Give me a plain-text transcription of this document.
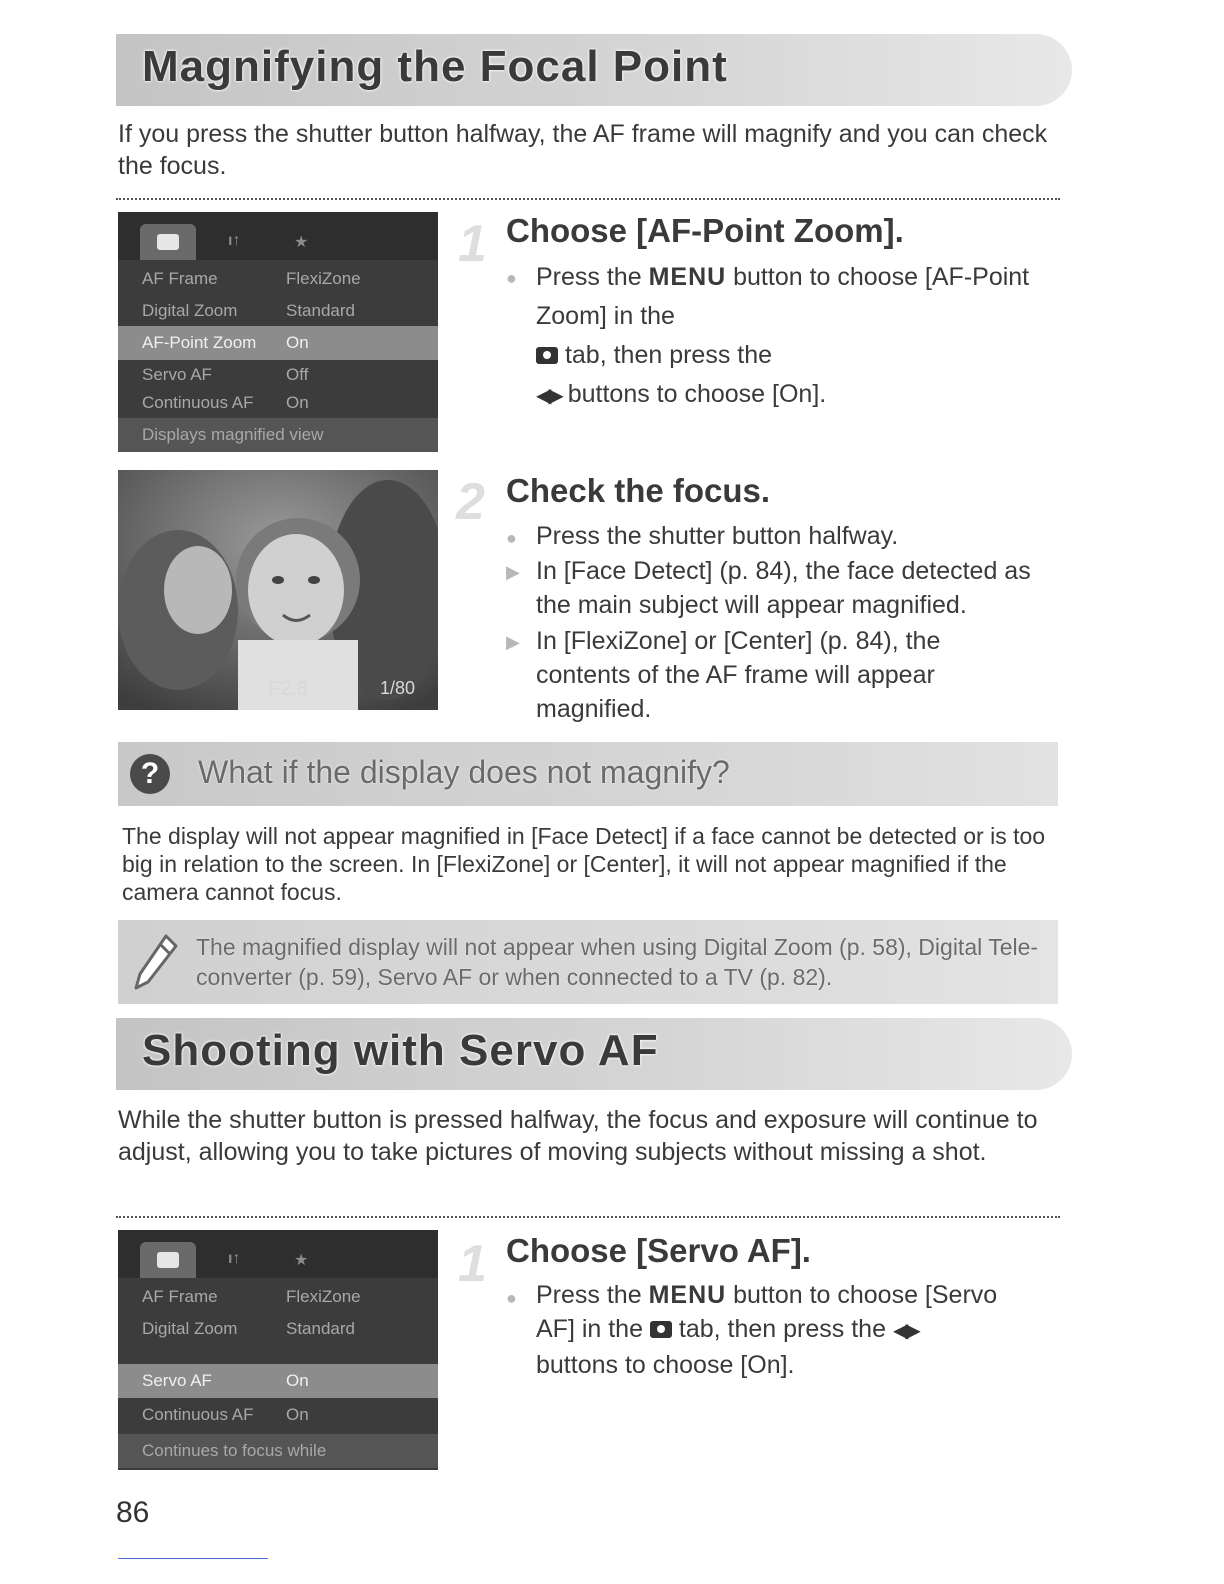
Magnifying the Focal Point
If you press the shutter button halfway, the AF frame will magnify and you can check the focus.
ı↑	★
AF Frame	FlexiZone
Digital Zoom	Standard
AF-Point Zoom On
Servo AF	Off
Continuous AF On
Displays magnified view
1 Choose [AF-Point Zoom].
● Press the MENU button to choose [AF-Point Zoom] in the
tab, then press the
◀▶ buttons to choose [On].
F2.8	1/80
2 Check the focus.
● Press the shutter button halfway.
▶ In [Face Detect] (p. 84), the face detected as the main subject will appear magnified.
▶ In [FlexiZone] or [Center] (p. 84), the contents of the AF frame will appear magnified.
?	What if the display does not magnify?
The display will not appear magnified in [Face Detect] if a face cannot be detected or is too big in relation to the screen. In [FlexiZone] or [Center], it will not appear magnified if the camera cannot focus.
The magnified display will not appear when using Digital Zoom (p. 58), Digital Tele-converter (p. 59), Servo AF or when connected to a TV (p. 82).
Shooting with Servo AF
While the shutter button is pressed halfway, the focus and exposure will continue to adjust, allowing you to take pictures of moving subjects without missing a shot.
ı↑	★
AF Frame	FlexiZone
Digital Zoom	Standard
Servo AF	On
Continuous AF On
Continues to focus while
1 Choose [Servo AF].
● Press the MENU button to choose [Servo
AF] in the  tab, then press the ◀▶
buttons to choose [On].
86
